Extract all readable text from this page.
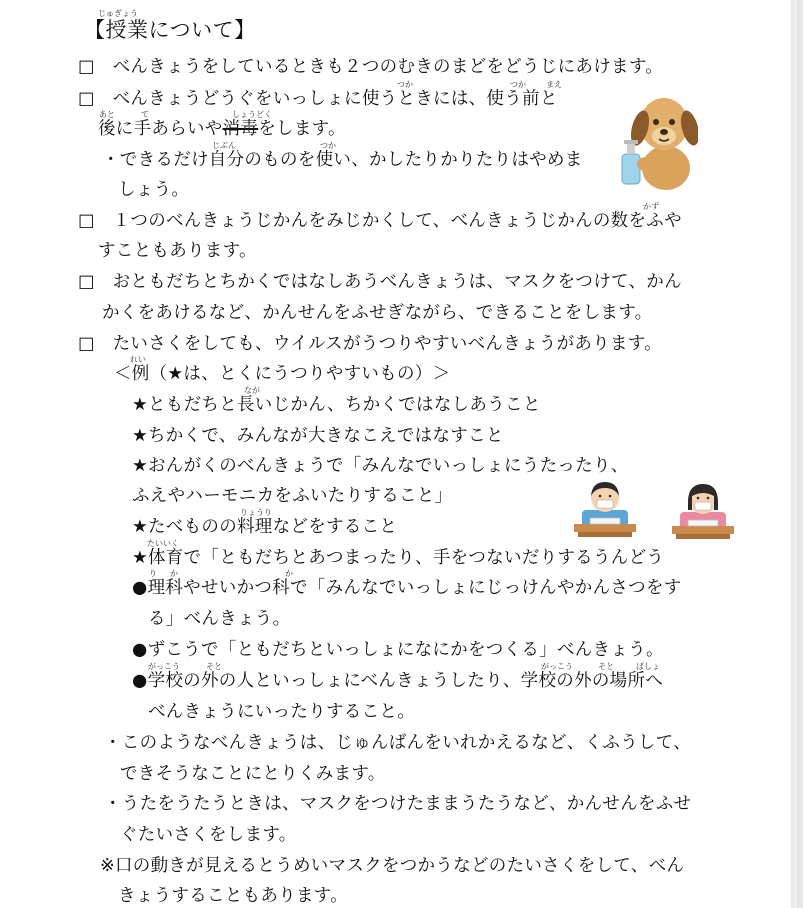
【授業について】
じゅぎょう
□　べんきょうをしているときも２つのむきのまどをどうじにあけます。
つか	つか	まえ
□　べんきょうどうぐをいっしょに使うときには、使う前と
あと	て	しょうどく
後に手あらいや消毒をします。
じぶん	つか
・できるだけ自分のものを使い、かしたりかりたりはやめま
しょう。
かず
□　１つのべんきょうじかんをみじかくして、べんきょうじかんの数をふや
すこともあります。
□　おともだちとちかくではなしあうべんきょうは、マスクをつけて、かん
かくをあけるなど、かんせんをふせぎながら、できることをします。
□　たいさくをしても、ウイルスがうつりやすいべんきょうがあります。
れい
＜例（★は、とくにうつりやすいもの）＞
なが
★ともだちと長いじかん、ちかくではなしあうこと
★ちかくで、みんなが大きなこえではなすこと
★おんがくのべんきょうで「みんなでいっしょにうたったり、
ふえやハーモニカをふいたりすること」
りょうり
★たべものの料理などをすること
たいいく
★体育で「ともだちとあつまったり、手をつないだりするうんどう
り か	か
●理科やせいかつ科で「みんなでいっしょにじっけんやかんさつをす
る」べんきょう。
●ずこうで「ともだちといっしょになにかをつくる」べんきょう。
がっこう	そと	がっこう	そと	ばしょ
●学校の外の人といっしょにべんきょうしたり、学校の外の場所へ
べんきょうにいったりすること。
・このようなべんきょうは、じゅんばんをいれかえるなど、くふうして、
できそうなことにとりくみます。
・うたをうたうときは、マスクをつけたままうたうなど、かんせんをふせ
ぐたいさくをします。
※口の動きが見えるとうめいマスクをつかうなどのたいさくをして、べん
きょうすることもあります。
